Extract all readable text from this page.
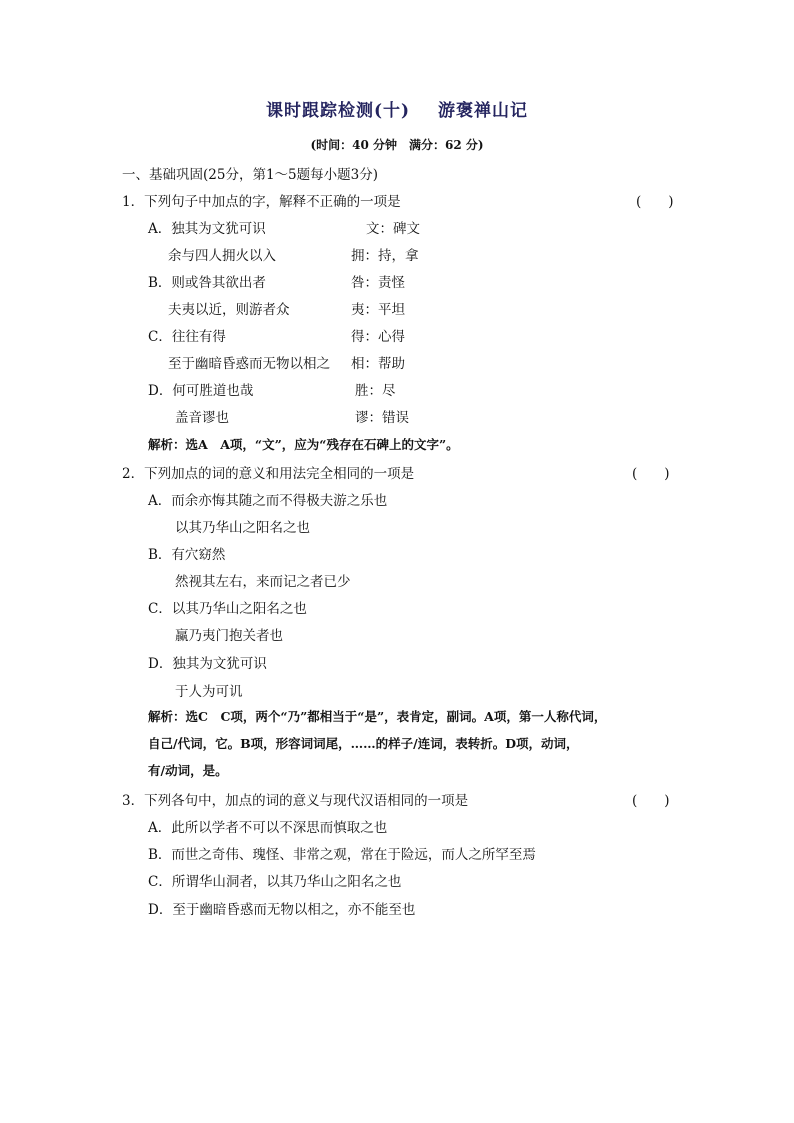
课时跟踪检测(十) 游褒禅山记
(时间：40 分钟　满分：62 分)
一、基础巩固(25分，第1～5题每小题3分)
1．下列句子中加点的字，解释不正确的一项是	(　　)
A．独其为文犹可识	文：碑文
余与四人拥火以入	拥：持，拿
B．则或咎其欲出者	咎：责怪
夫夷以近，则游者众	夷：平坦
C．往往有得	得：心得
至于幽暗昏惑而无物以相之 相：帮助
D．何可胜道也哉	胜：尽
盖音谬也	谬：错误
解析：选A　A项，“文”，应为“残存在石碑上的文字”。
2．下列加点的词的意义和用法完全相同的一项是	(　　)
A．而余亦悔其随之而不得极夫游之乐也
以其乃华山之阳名之也
B．有穴窈然
然视其左右，来而记之者已少
C．以其乃华山之阳名之也
赢乃夷门抱关者也
D．独其为文犹可识
于人为可讥
解析：选C　C项，两个“乃”都相当于“是”，表肯定，副词。A项，第一人称代词，
自己/代词，它。B项，形容词词尾，……的样子/连词，表转折。D项，动词，
有/动词，是。
3．下列各句中，加点的词的意义与现代汉语相同的一项是	(　　)
A．此所以学者不可以不深思而慎取之也
B．而世之奇伟、瑰怪、非常之观，常在于险远，而人之所罕至焉
C．所谓华山洞者，以其乃华山之阳名之也
D．至于幽暗昏惑而无物以相之，亦不能至也
